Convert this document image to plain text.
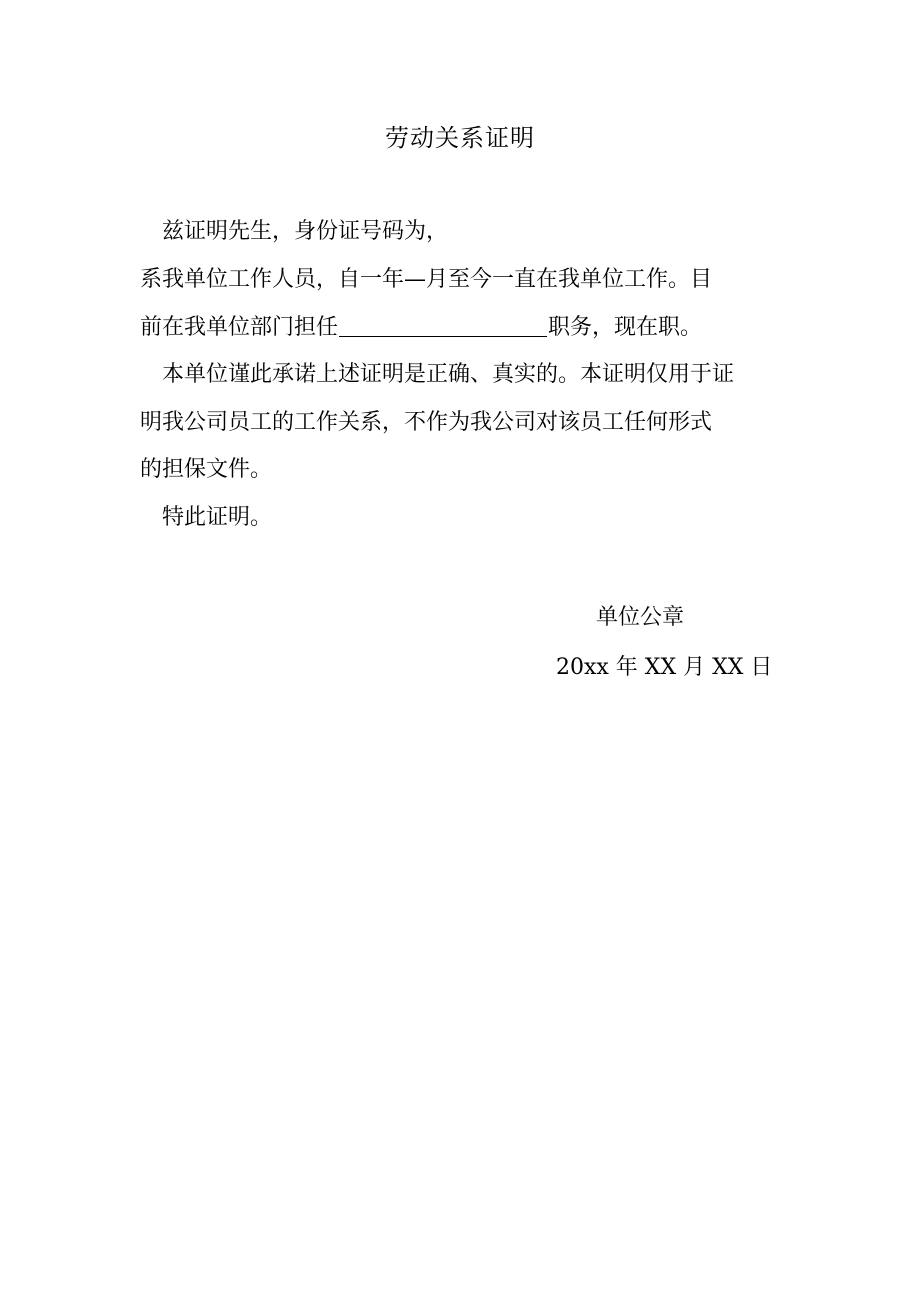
劳动关系证明
兹证明先生，身份证号码为，
系我单位工作人员，自一年—月至今一直在我单位工作。目
前在我单位部门担任	职务，现在职。
本单位谨此承诺上述证明是正确、真实的。本证明仅用于证
明我公司员工的工作关系，不作为我公司对该员工任何形式
的担保文件。
特此证明。
单位公章
20xx 年 XX 月 XX 日
